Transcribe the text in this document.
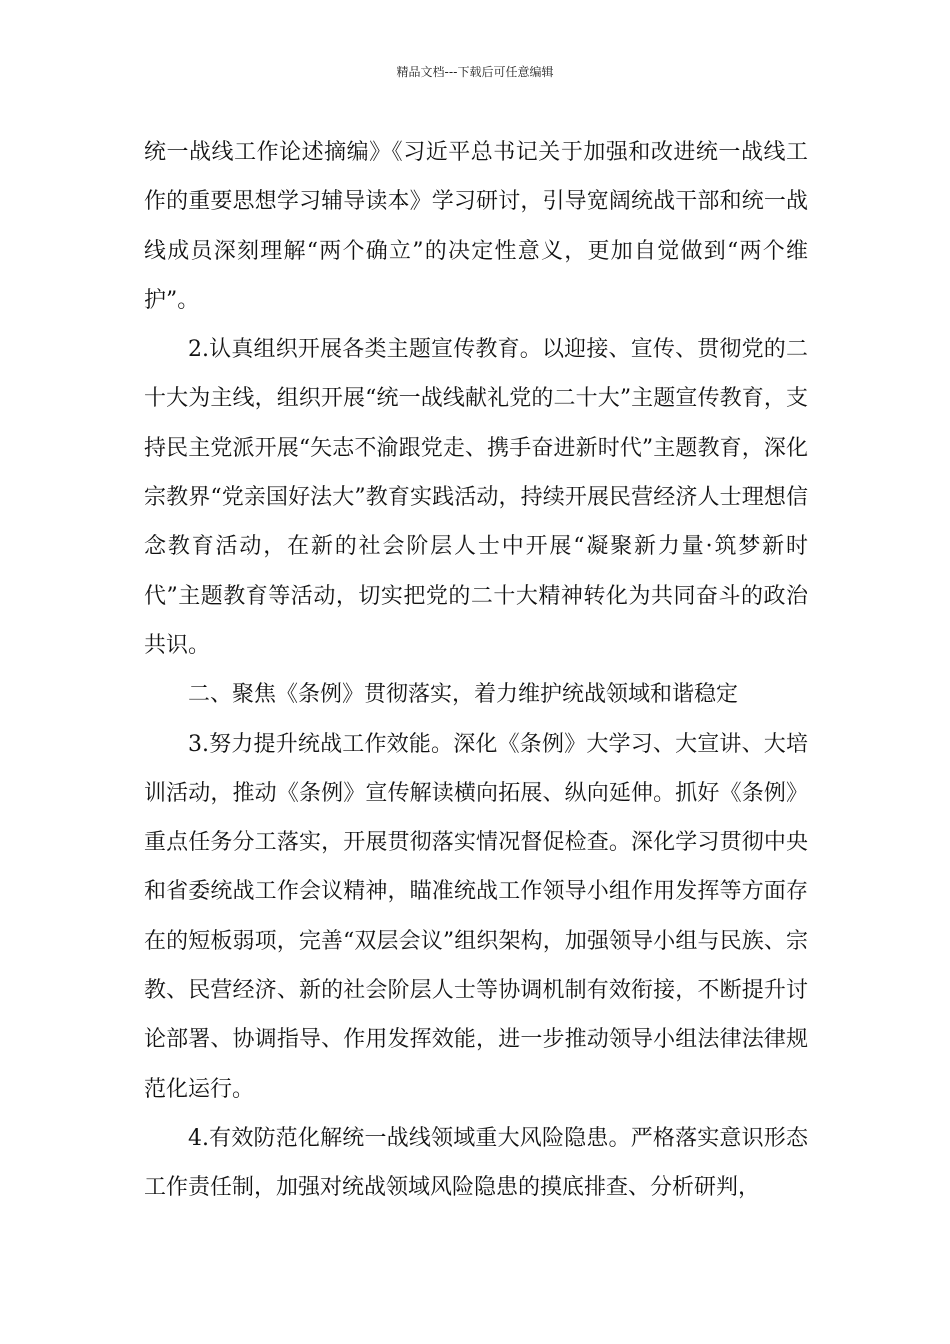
精品文档---下载后可任意编辑

统一战线工作论述摘编》《习近平总书记关于加强和改进统一战线工作的重要思想学习辅导读本》学习研讨，引导宽阔统战干部和统一战线成员深刻理解“两个确立”的决定性意义，更加自觉做到“两个维护”。

2.认真组织开展各类主题宣传教育。以迎接、宣传、贯彻党的二十大为主线，组织开展“统一战线献礼党的二十大”主题宣传教育，支持民主党派开展“矢志不渝跟党走、携手奋进新时代”主题教育，深化宗教界“党亲国好法大”教育实践活动，持续开展民营经济人士理想信念教育活动，在新的社会阶层人士中开展“凝聚新力量·筑梦新时代”主题教育等活动，切实把党的二十大精神转化为共同奋斗的政治共识。

二、聚焦《条例》贯彻落实，着力维护统战领域和谐稳定

3.努力提升统战工作效能。深化《条例》大学习、大宣讲、大培训活动，推动《条例》宣传解读横向拓展、纵向延伸。抓好《条例》重点任务分工落实，开展贯彻落实情况督促检查。深化学习贯彻中央和省委统战工作会议精神，瞄准统战工作领导小组作用发挥等方面存在的短板弱项，完善“双层会议”组织架构，加强领导小组与民族、宗教、民营经济、新的社会阶层人士等协调机制有效衔接，不断提升讨论部署、协调指导、作用发挥效能，进一步推动领导小组法律法律规范化运行。

4.有效防范化解统一战线领域重大风险隐患。严格落实意识形态工作责任制，加强对统战领域风险隐患的摸底排查、分析研判，
